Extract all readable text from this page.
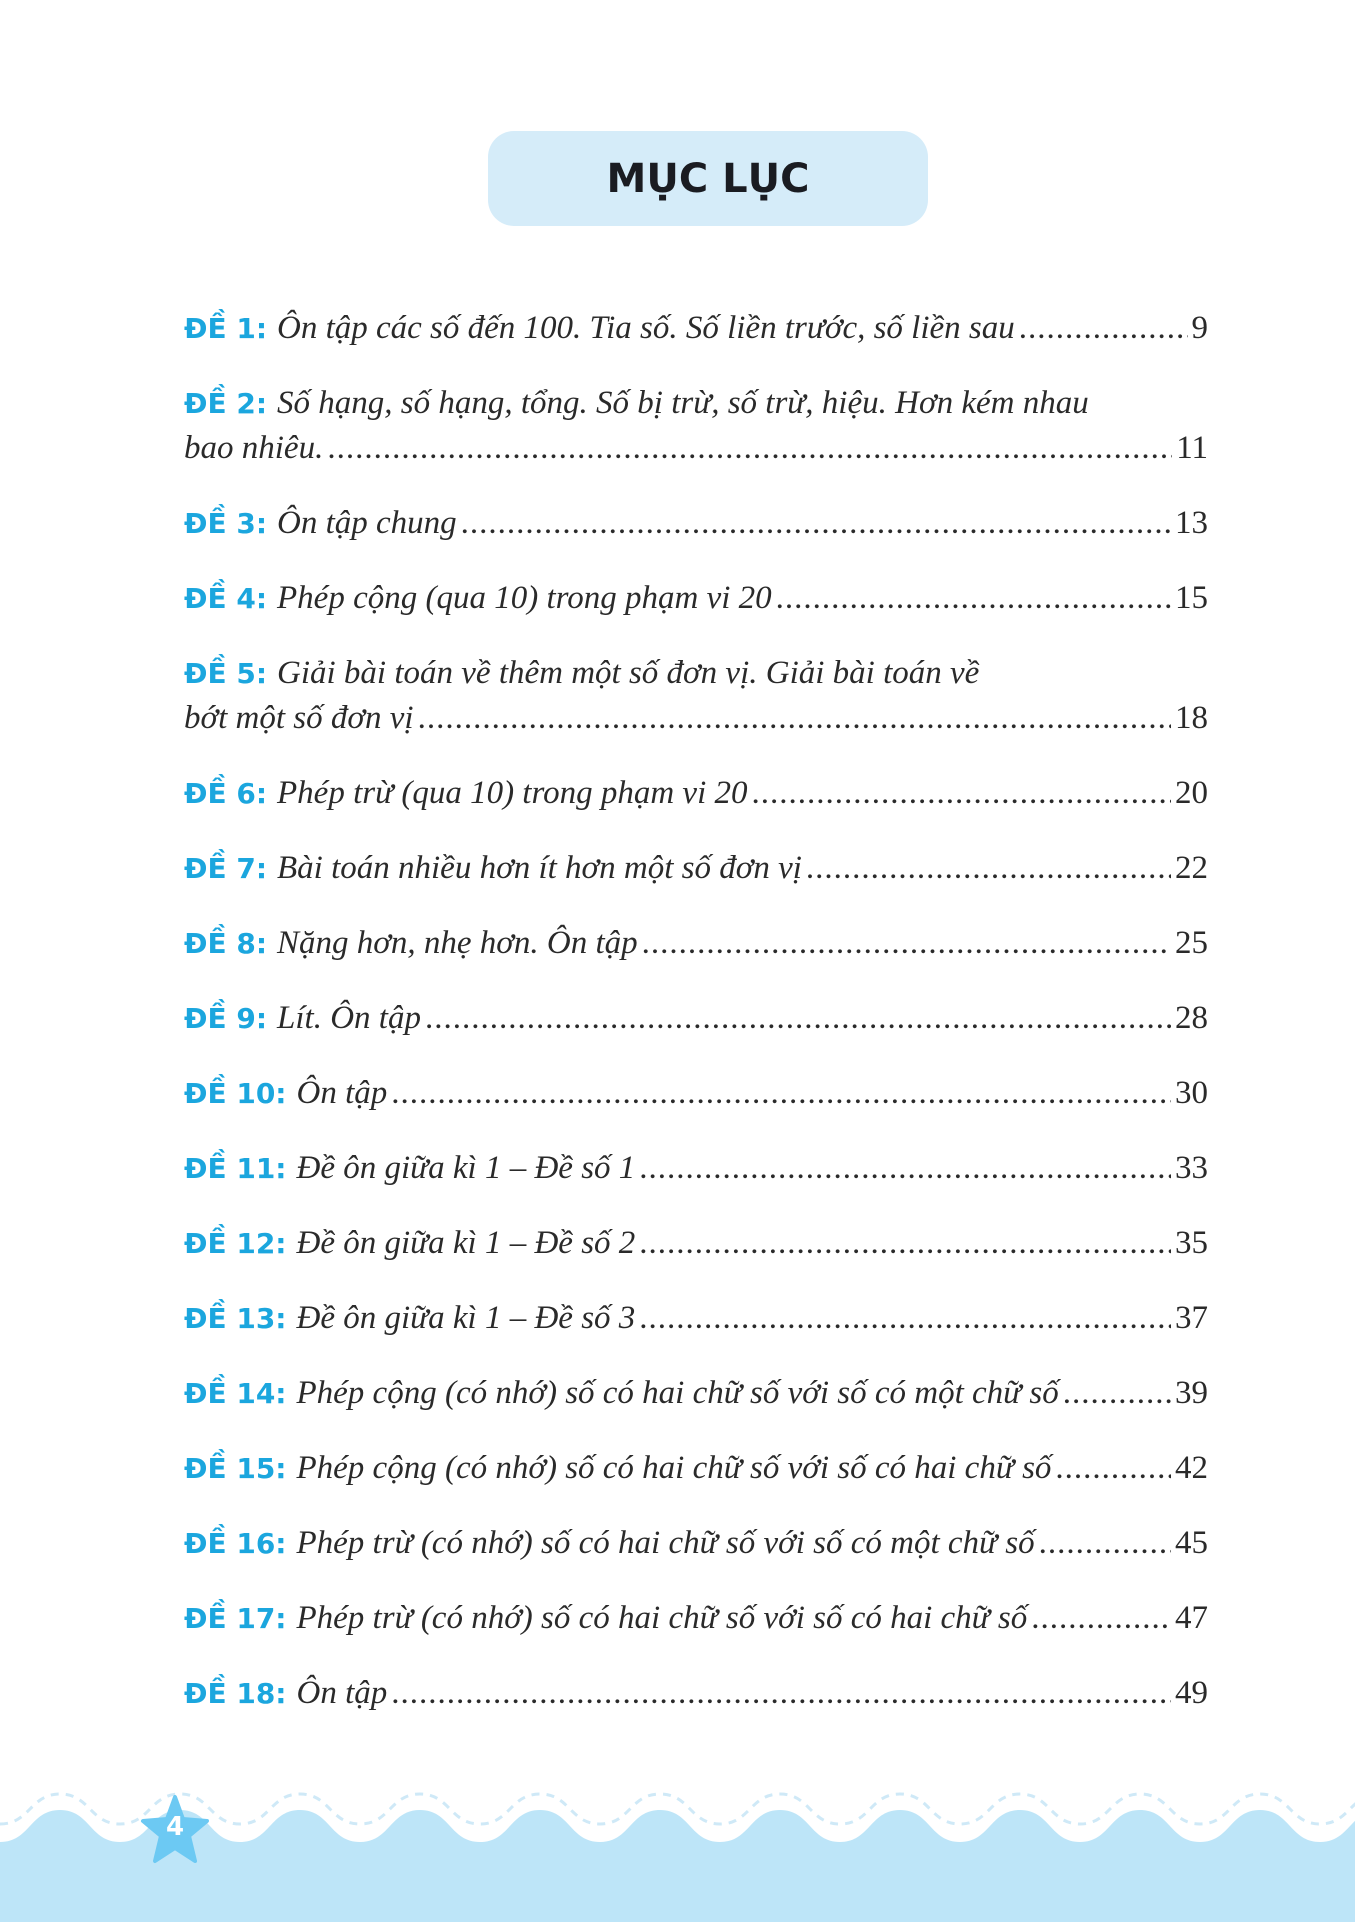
MỤC LỤC
ĐỀ 1: Ôn tập các số đến 100. Tia số. Số liền trước, số liền sau .....	9
ĐỀ 2: Số hạng, số hạng, tổng. Số bị trừ, số trừ, hiệu. Hơn kém nhau
bao nhiêu. .....	11
ĐỀ 3: Ôn tập chung .....	13
ĐỀ 4: Phép cộng (qua 10) trong phạm vi 20 .....	15
ĐỀ 5: Giải bài toán về thêm một số đơn vị. Giải bài toán về
bớt một số đơn vị .....	18
ĐỀ 6: Phép trừ (qua 10) trong phạm vi 20 .....	20
ĐỀ 7: Bài toán nhiều hơn ít hơn một số đơn vị .....	22
ĐỀ 8: Nặng hơn, nhẹ hơn. Ôn tập .....	25
ĐỀ 9: Lít. Ôn tập .....	28
ĐỀ 10: Ôn tập .....	30
ĐỀ 11: Đề ôn giữa kì 1 – Đề số 1 .....	33
ĐỀ 12: Đề ôn giữa kì 1 – Đề số 2 .....	35
ĐỀ 13: Đề ôn giữa kì 1 – Đề số 3 .....	37
ĐỀ 14: Phép cộng (có nhớ) số có hai chữ số với số có một chữ số .....	39
ĐỀ 15: Phép cộng (có nhớ) số có hai chữ số với số có hai chữ số .....	42
ĐỀ 16: Phép trừ (có nhớ) số có hai chữ số với số có một chữ số .....	45
ĐỀ 17: Phép trừ (có nhớ) số có hai chữ số với số có hai chữ số .....	47
ĐỀ 18: Ôn tập .....	49
4
